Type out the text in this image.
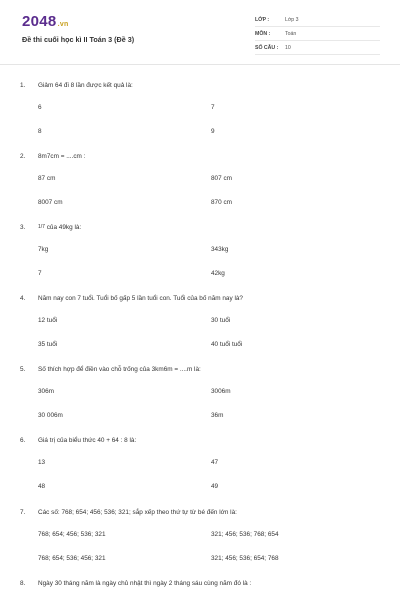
2048.vn
Đề thi cuối học kì II Toán 3 (Đề 3)
LỚP :	Lớp 3
MÔN :	Toán
SỐ CÂU : 10
1. Giảm 64 đi 8 lần được kết quả là:
6	7
8	9
2. 8m7cm = ....cm :
87 cm	807 cm
8007 cm	870 cm
3.	1/7 của 49kg là:
7kg	343kg
7	42kg
4. Năm nay con 7 tuổi. Tuổi bố gấp 5 lần tuổi con. Tuổi của bố năm nay là?
12 tuổi	30 tuổi
35 tuổi	40 tuổi tuổi
5. Số thích hợp để điền vào chỗ trống của 3km6m = ....m là:
306m	3006m
30 006m	36m
6. Giá trị của biểu thức 40 + 64 : 8 là:
13	47
48	49
7. Các số: 768; 654; 456; 536; 321; sắp xếp theo thứ tự từ bé đến lớn là:
768; 654; 456; 536; 321	321; 456; 536; 768; 654
768; 654; 536; 456; 321	321; 456; 536; 654; 768
8. Ngày 30 tháng năm là ngày chủ nhật thì ngày 2 tháng sáu cùng năm đó là :
